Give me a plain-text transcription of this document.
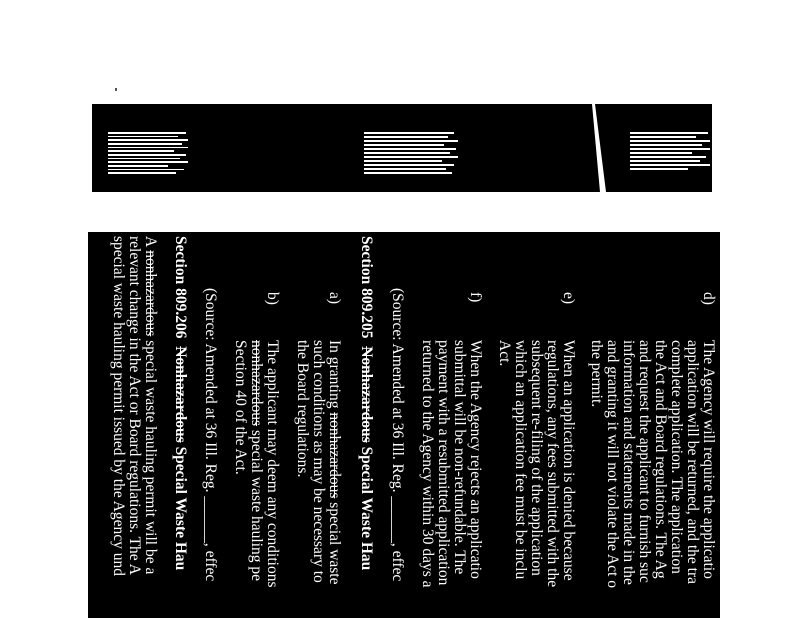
d)
The Agency will require the applicatio
application will be returned, and the tra
complete application. The application
the Act and Board regulations. The Ag
and request the applicant to furnish suc
information and statements made in the
and granting it will not violate the Act o
the permit.
e)
When an application is denied because
regulations, any fees submitted with the
subsequent re-filing of the application
which an application fee must be inclu
Act.
f)
When the Agency rejects an applicatio
submittal will be non-refundable. The
payment with a resubmitted application
returned to the Agency within 30 days a
(Source: Amended at 36 Ill. Reg. ______, effec
Section 809.205  Nonhazardous Special Waste Hau
a)
In granting nonhazardous special waste
such conditions as may be necessary to
the Board regulations.
b)
The applicant may deem any conditions
nonhazardous special waste hauling pe
Section 40 of the Act.
(Source: Amended at 36 Ill. Reg. ______, effec
Section 809.206  Nonhazardous Special Waste Hau
A nonhazardous special waste hauling permit will be a
relevant change in the Act or Board regulations. The A
special waste hauling permit issued by the Agency und
